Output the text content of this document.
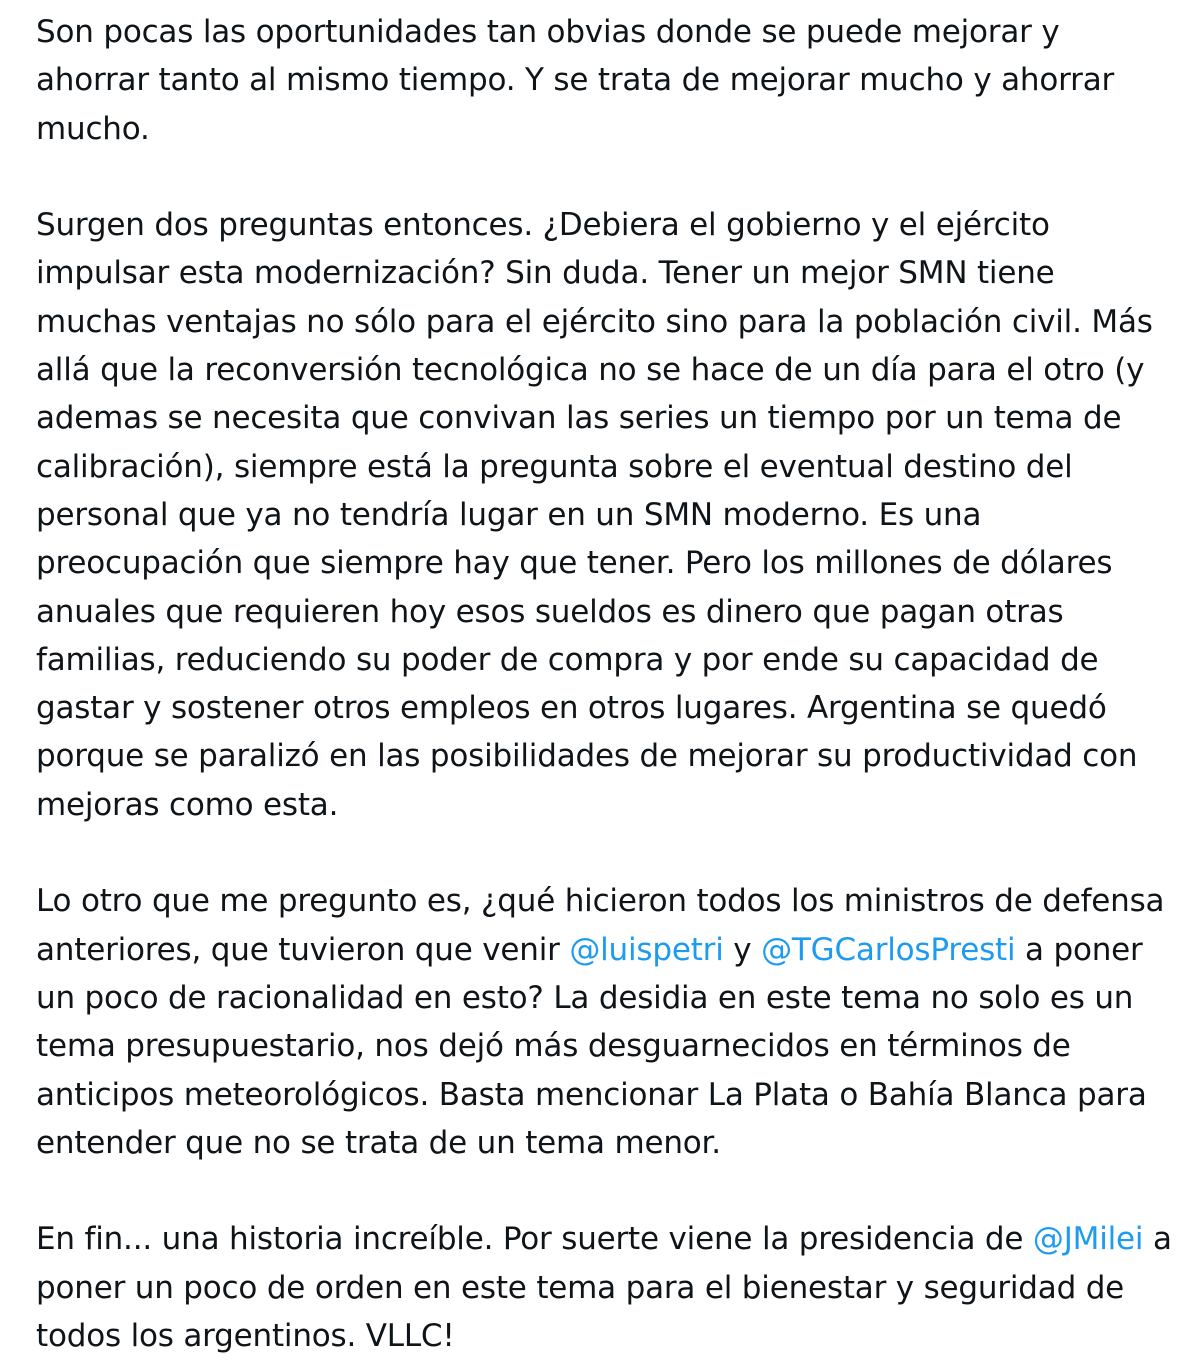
Son pocas las oportunidades tan obvias donde se puede mejorar y ahorrar tanto al mismo tiempo. Y se trata de mejorar mucho y ahorrar mucho.

Surgen dos preguntas entonces. ¿Debiera el gobierno y el ejército impulsar esta modernización? Sin duda. Tener un mejor SMN tiene muchas ventajas no sólo para el ejército sino para la población civil. Más allá que la reconversión tecnológica no se hace de un día para el otro (y ademas se necesita que convivan las series un tiempo por un tema de calibración), siempre está la pregunta sobre el eventual destino del personal que ya no tendría lugar en un SMN moderno. Es una preocupación que siempre hay que tener. Pero los millones de dólares anuales que requieren hoy esos sueldos es dinero que pagan otras familias, reduciendo su poder de compra y por ende su capacidad de gastar y sostener otros empleos en otros lugares. Argentina se quedó porque se paralizó en las posibilidades de mejorar su productividad con mejoras como esta.

Lo otro que me pregunto es, ¿qué hicieron todos los ministros de defensa anteriores, que tuvieron que venir @luispetri y @TGCarlosPresti a poner un poco de racionalidad en esto? La desidia en este tema no solo es un tema presupuestario, nos dejó más desguarnecidos en términos de anticipos meteorológicos. Basta mencionar La Plata o Bahía Blanca para entender que no se trata de un tema menor.

En fin... una historia increíble. Por suerte viene la presidencia de @JMilei a poner un poco de orden en este tema para el bienestar y seguridad de todos los argentinos. VLLC!
